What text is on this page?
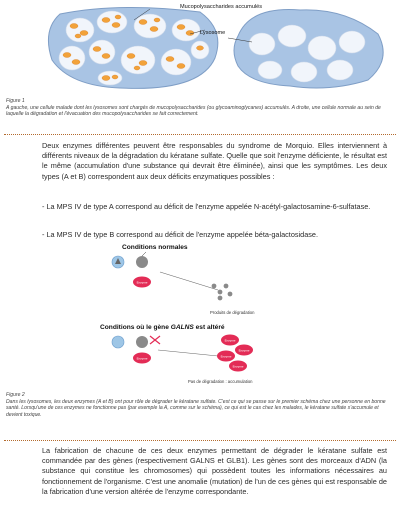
Mucopolysaccharides accumulés
Lysosome
Figure 1
A gauche, une cellule malade dont les lysosomes sont chargés de mucopolysaccharides (ou glycoaminoglycanes) accumulés. A droite, une cellule normale au sein de laquelle la dégradation et l'évacuation des mucopolysaccharides se fait correctement.

Deux enzymes différentes peuvent être responsables du syndrome de Morquio. Elles interviennent à différents niveaux de la dégradation du kératane sulfate. Quelle que soit l'enzyme déficiente, le résultat est le même (accumulation d'une substance qui devrait être éliminée), ainsi que les symptômes. Les deux types (A et B) correspondent aux deux déficits enzymatiques possibles :

- La MPS IV de type A correspond au déficit de l'enzyme appelée N-acétyl-galactosamine-6-sulfatase.

- La MPS IV de type B correspond au déficit de l'enzyme appelée béta-galactosidase.

Conditions normales
Enzyme
Produits de dégradation
Conditions où le gène GALNS est altéré
Enzyme
Enzyme
Enzyme
Enzyme
Enzyme
Pas de dégradation : accumulation
Figure 2
Dans les lysosomes, les deux enzymes (A et B) ont pour rôle de dégrader le kératane sulfate. C'est ce qui se passe sur le premier schéma chez une personne en bonne santé. Lorsqu'une de ces enzymes ne fonctionne pas (par exemple la A, comme sur le schéma), ce qui est le cas chez les malades, le kératane sulfate s'accumule et devient toxique.

La fabrication de chacune de ces deux enzymes permettant de dégrader le kératane sulfate est commandée par des gènes (respectivement GALNS et GLB1). Les gènes sont des morceaux d'ADN (la substance qui constitue les chromosomes) qui possèdent toutes les informations nécessaires au fonctionnement de l'organisme. C'est une anomalie (mutation) de l'un de ces gènes qui est responsable de la fabrication d'une version altérée de l'enzyme correspondante.
